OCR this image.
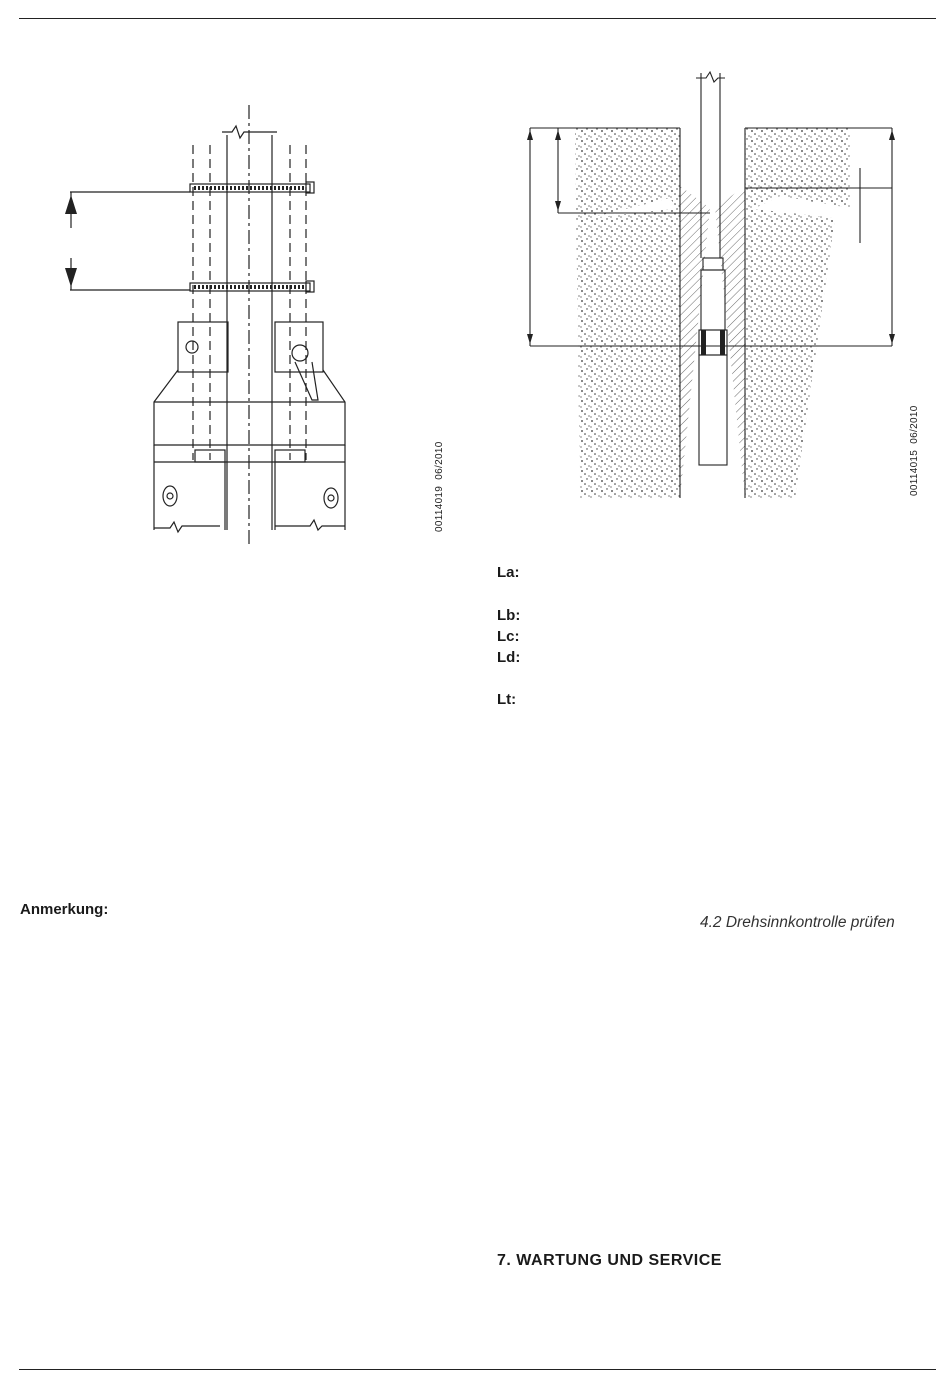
00114019  06/2010	00114015  06/2010
La:
Lb:
Lc:
Ld:
Lt:
Anmerkung:
4.2 Drehsinnkontrolle prüfen
7. WARTUNG UND SERVICE
